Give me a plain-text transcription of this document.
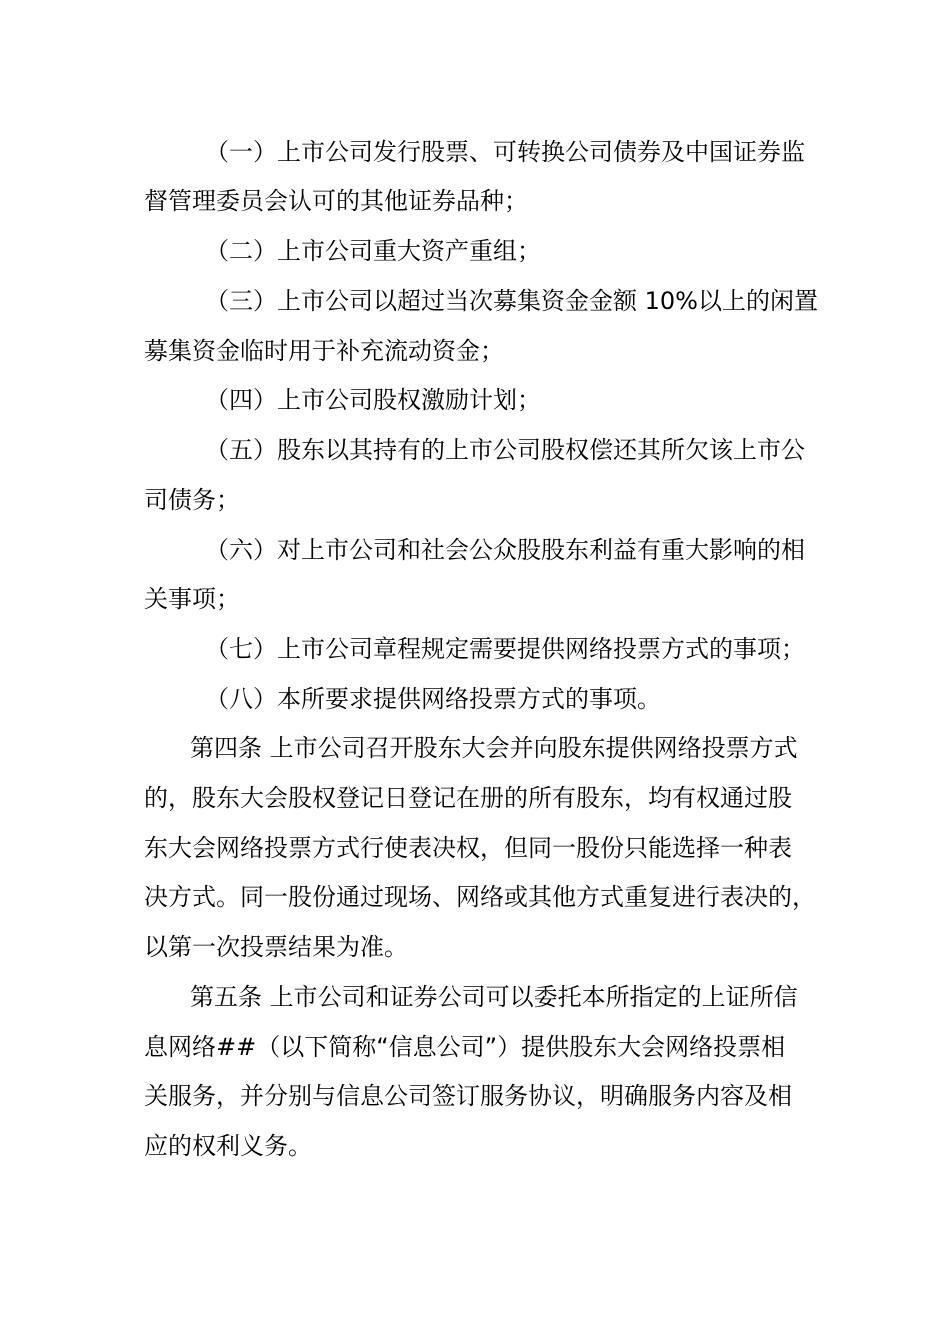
（一）上市公司发行股票、可转换公司债券及中国证券监
督管理委员会认可的其他证券品种；
（二）上市公司重大资产重组；
（三）上市公司以超过当次募集资金金额 10%以上的闲置
募集资金临时用于补充流动资金；
（四）上市公司股权激励计划；
（五）股东以其持有的上市公司股权偿还其所欠该上市公
司债务；
（六）对上市公司和社会公众股股东利益有重大影响的相
关事项；
（七）上市公司章程规定需要提供网络投票方式的事项；
（八）本所要求提供网络投票方式的事项。
第四条 上市公司召开股东大会并向股东提供网络投票方式
的，股东大会股权登记日登记在册的所有股东，均有权通过股
东大会网络投票方式行使表决权，但同一股份只能选择一种表
决方式。同一股份通过现场、网络或其他方式重复进行表决的，
以第一次投票结果为准。
第五条 上市公司和证券公司可以委托本所指定的上证所信
息网络##（以下简称“信息公司”）提供股东大会网络投票相
关服务，并分别与信息公司签订服务协议，明确服务内容及相
应的权利义务。
